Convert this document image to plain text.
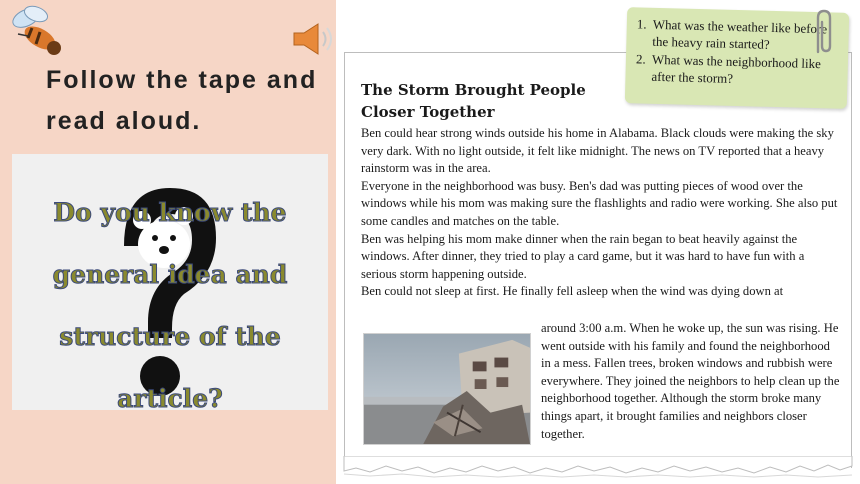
Follow the tape and read aloud.
Do you know the
general idea and
structure of the
article?
The Storm Brought People
Closer Together

Ben could hear strong winds outside his home in Alabama. Black clouds were making the sky very dark. With no light outside, it felt like midnight. The news on TV reported that a heavy rainstorm was in the area.

Everyone in the neighborhood was busy. Ben's dad was putting pieces of wood over the windows while his mom was making sure the flashlights and radio were working. She also put some candles and matches on the table.

Ben was helping his mom make dinner when the rain began to beat heavily against the windows. After dinner, they tried to play a card game, but it was hard to have fun with a serious storm happening outside.

Ben could not sleep at first. He finally fell asleep when the wind was dying down at

around 3:00 a.m. When he woke up, the sun was rising. He went outside with his family and found the neighborhood in a mess. Fallen trees, broken windows and rubbish were everywhere. They joined the neighbors to help clean up the neighborhood together. Although the storm broke many things apart, it brought families and neighbors closer together.
1. What was the weather like before the heavy rain started?
2. What was the neighborhood like after the storm?
